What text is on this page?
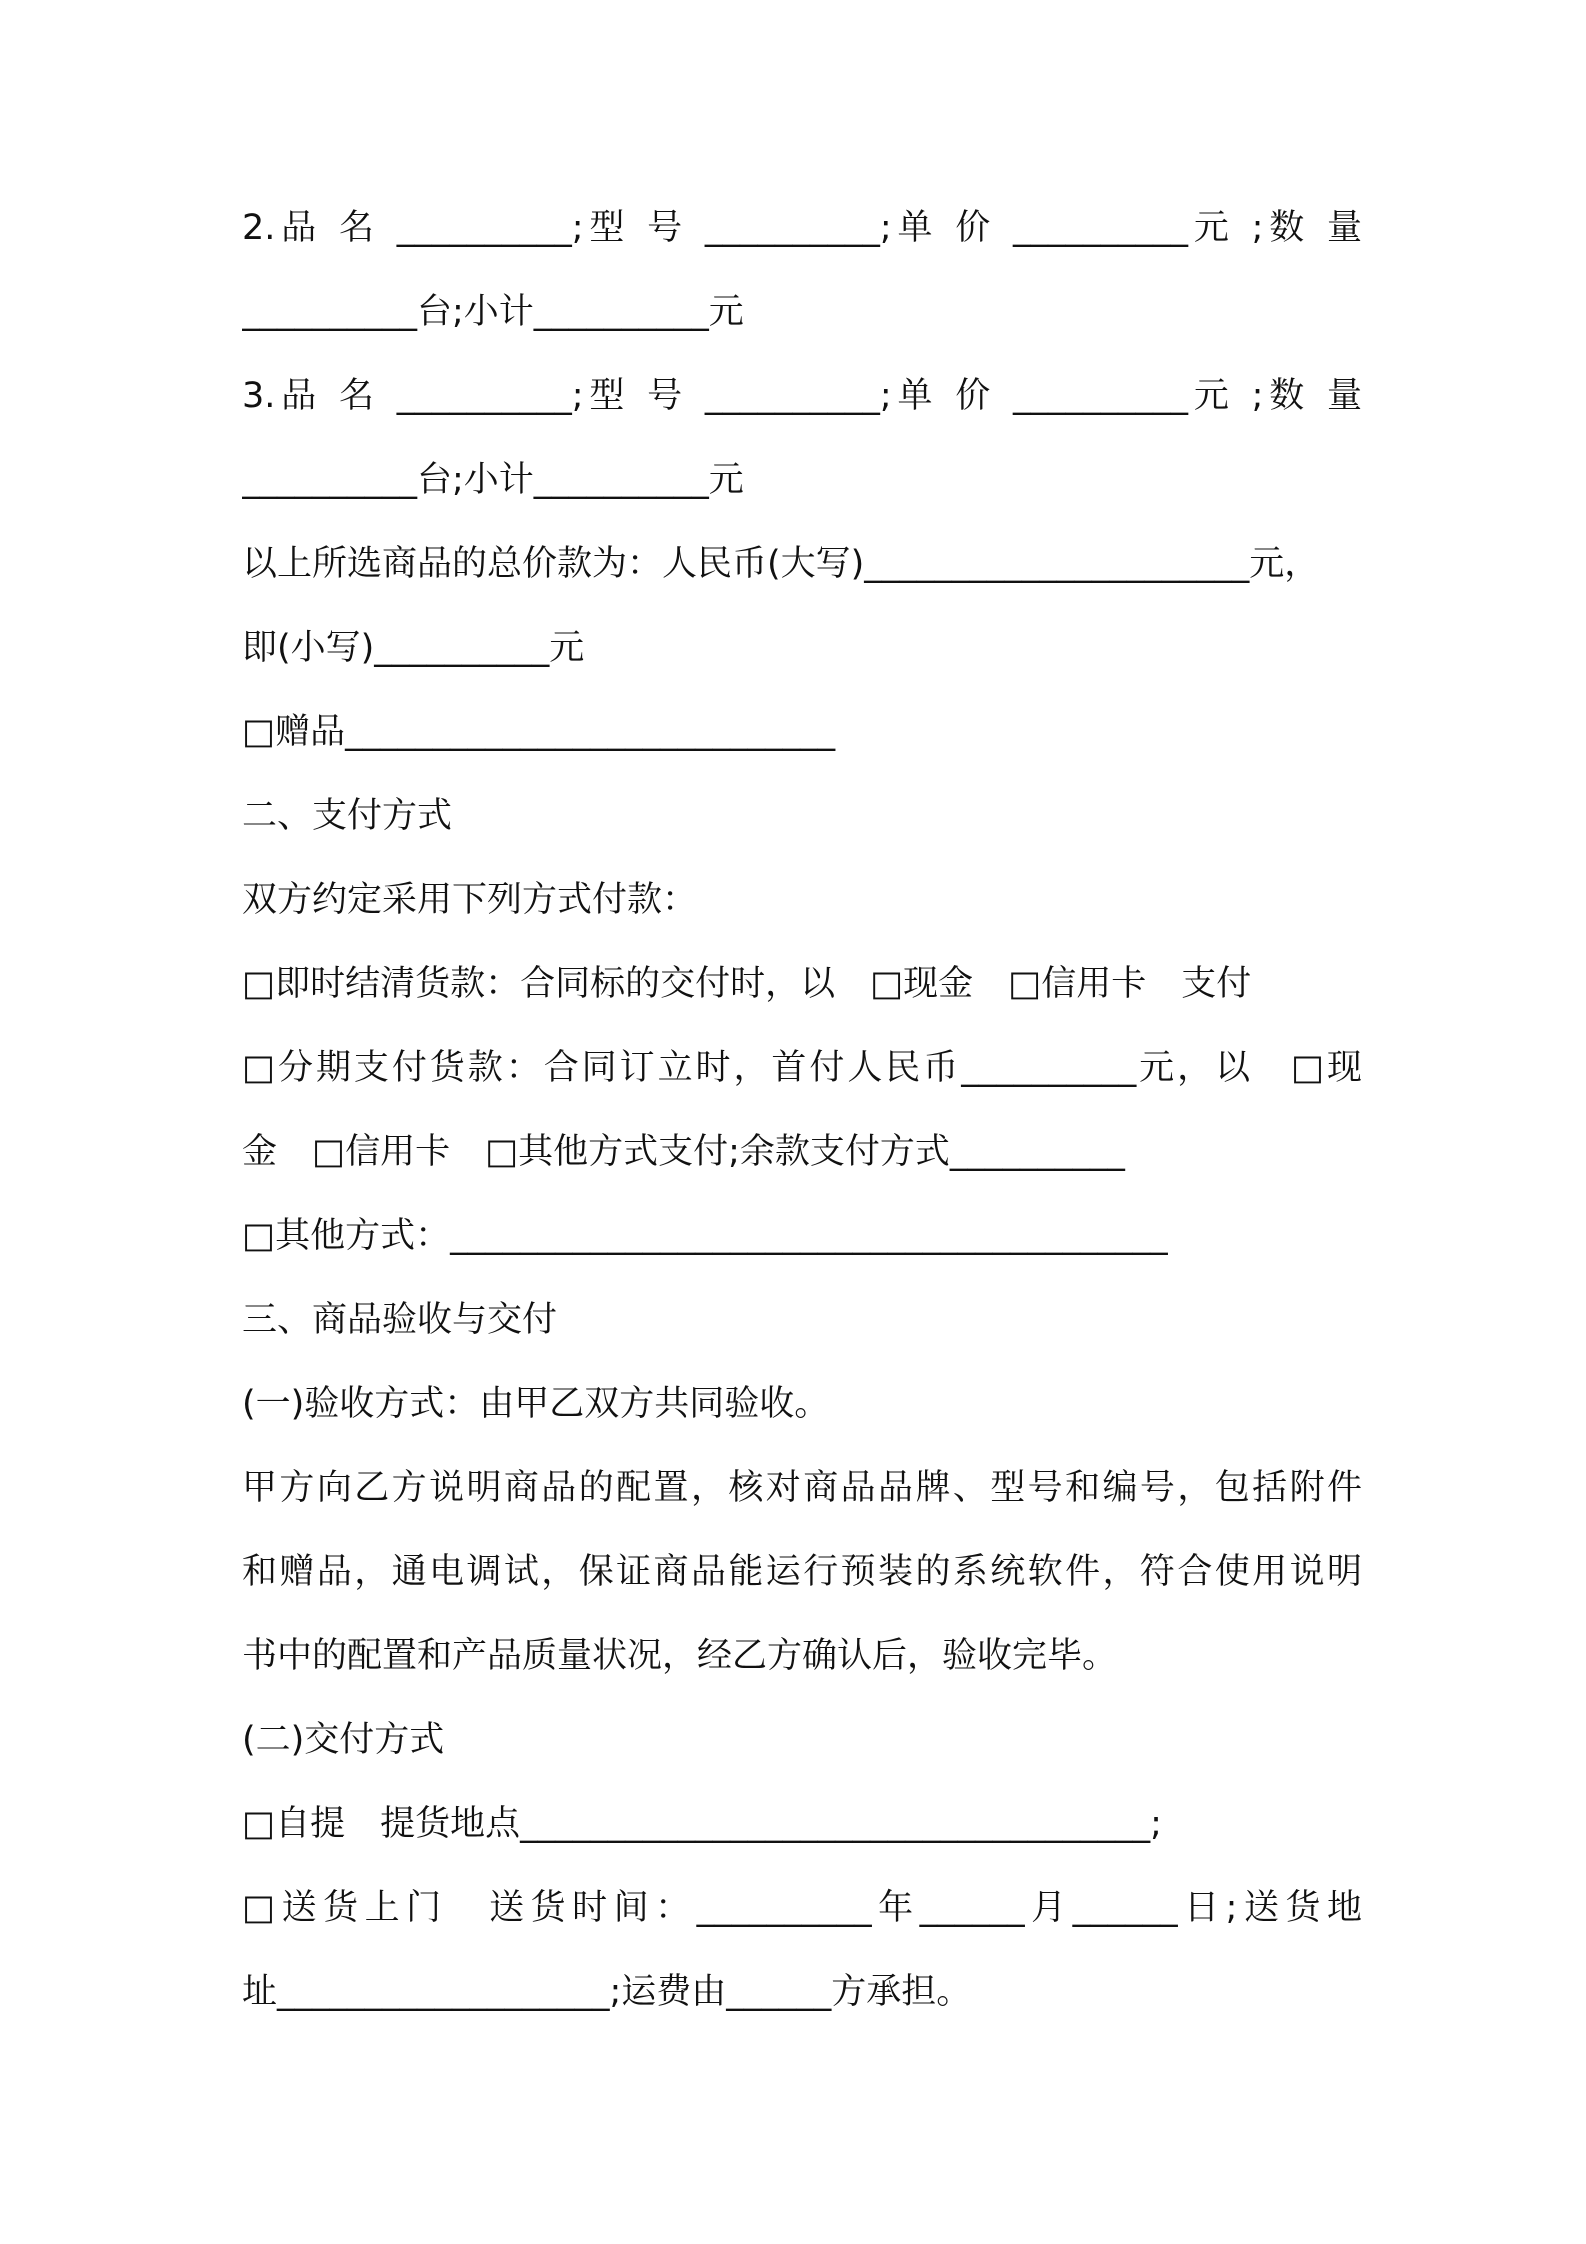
2.品 名 __________;型 号 __________;单 价 __________元 ;数 量
__________台;小计__________元
3.品 名 __________;型 号 __________;单 价 __________元 ;数 量
__________台;小计__________元
以上所选商品的总价款为：人民币(大写)______________________元，
即(小写)__________元
□赠品____________________________
二、支付方式
双方约定采用下列方式付款：
□即时结清货款：合同标的交付时，以　□现金　□信用卡　支付
□分期支付货款：合同订立时，首付人民币__________元，以　□现
金　□信用卡　□其他方式支付;余款支付方式__________
□其他方式：_________________________________________
三、商品验收与交付
(一)验收方式：由甲乙双方共同验收。
甲方向乙方说明商品的配置，核对商品品牌、型号和编号，包括附件
和赠品，通电调试，保证商品能运行预装的系统软件，符合使用说明
书中的配置和产品质量状况，经乙方确认后，验收完毕。
(二)交付方式
□自提　提货地点____________________________________;
□送货上门　送货时间：__________年______月______日;送货地
址___________________;运费由______方承担。
